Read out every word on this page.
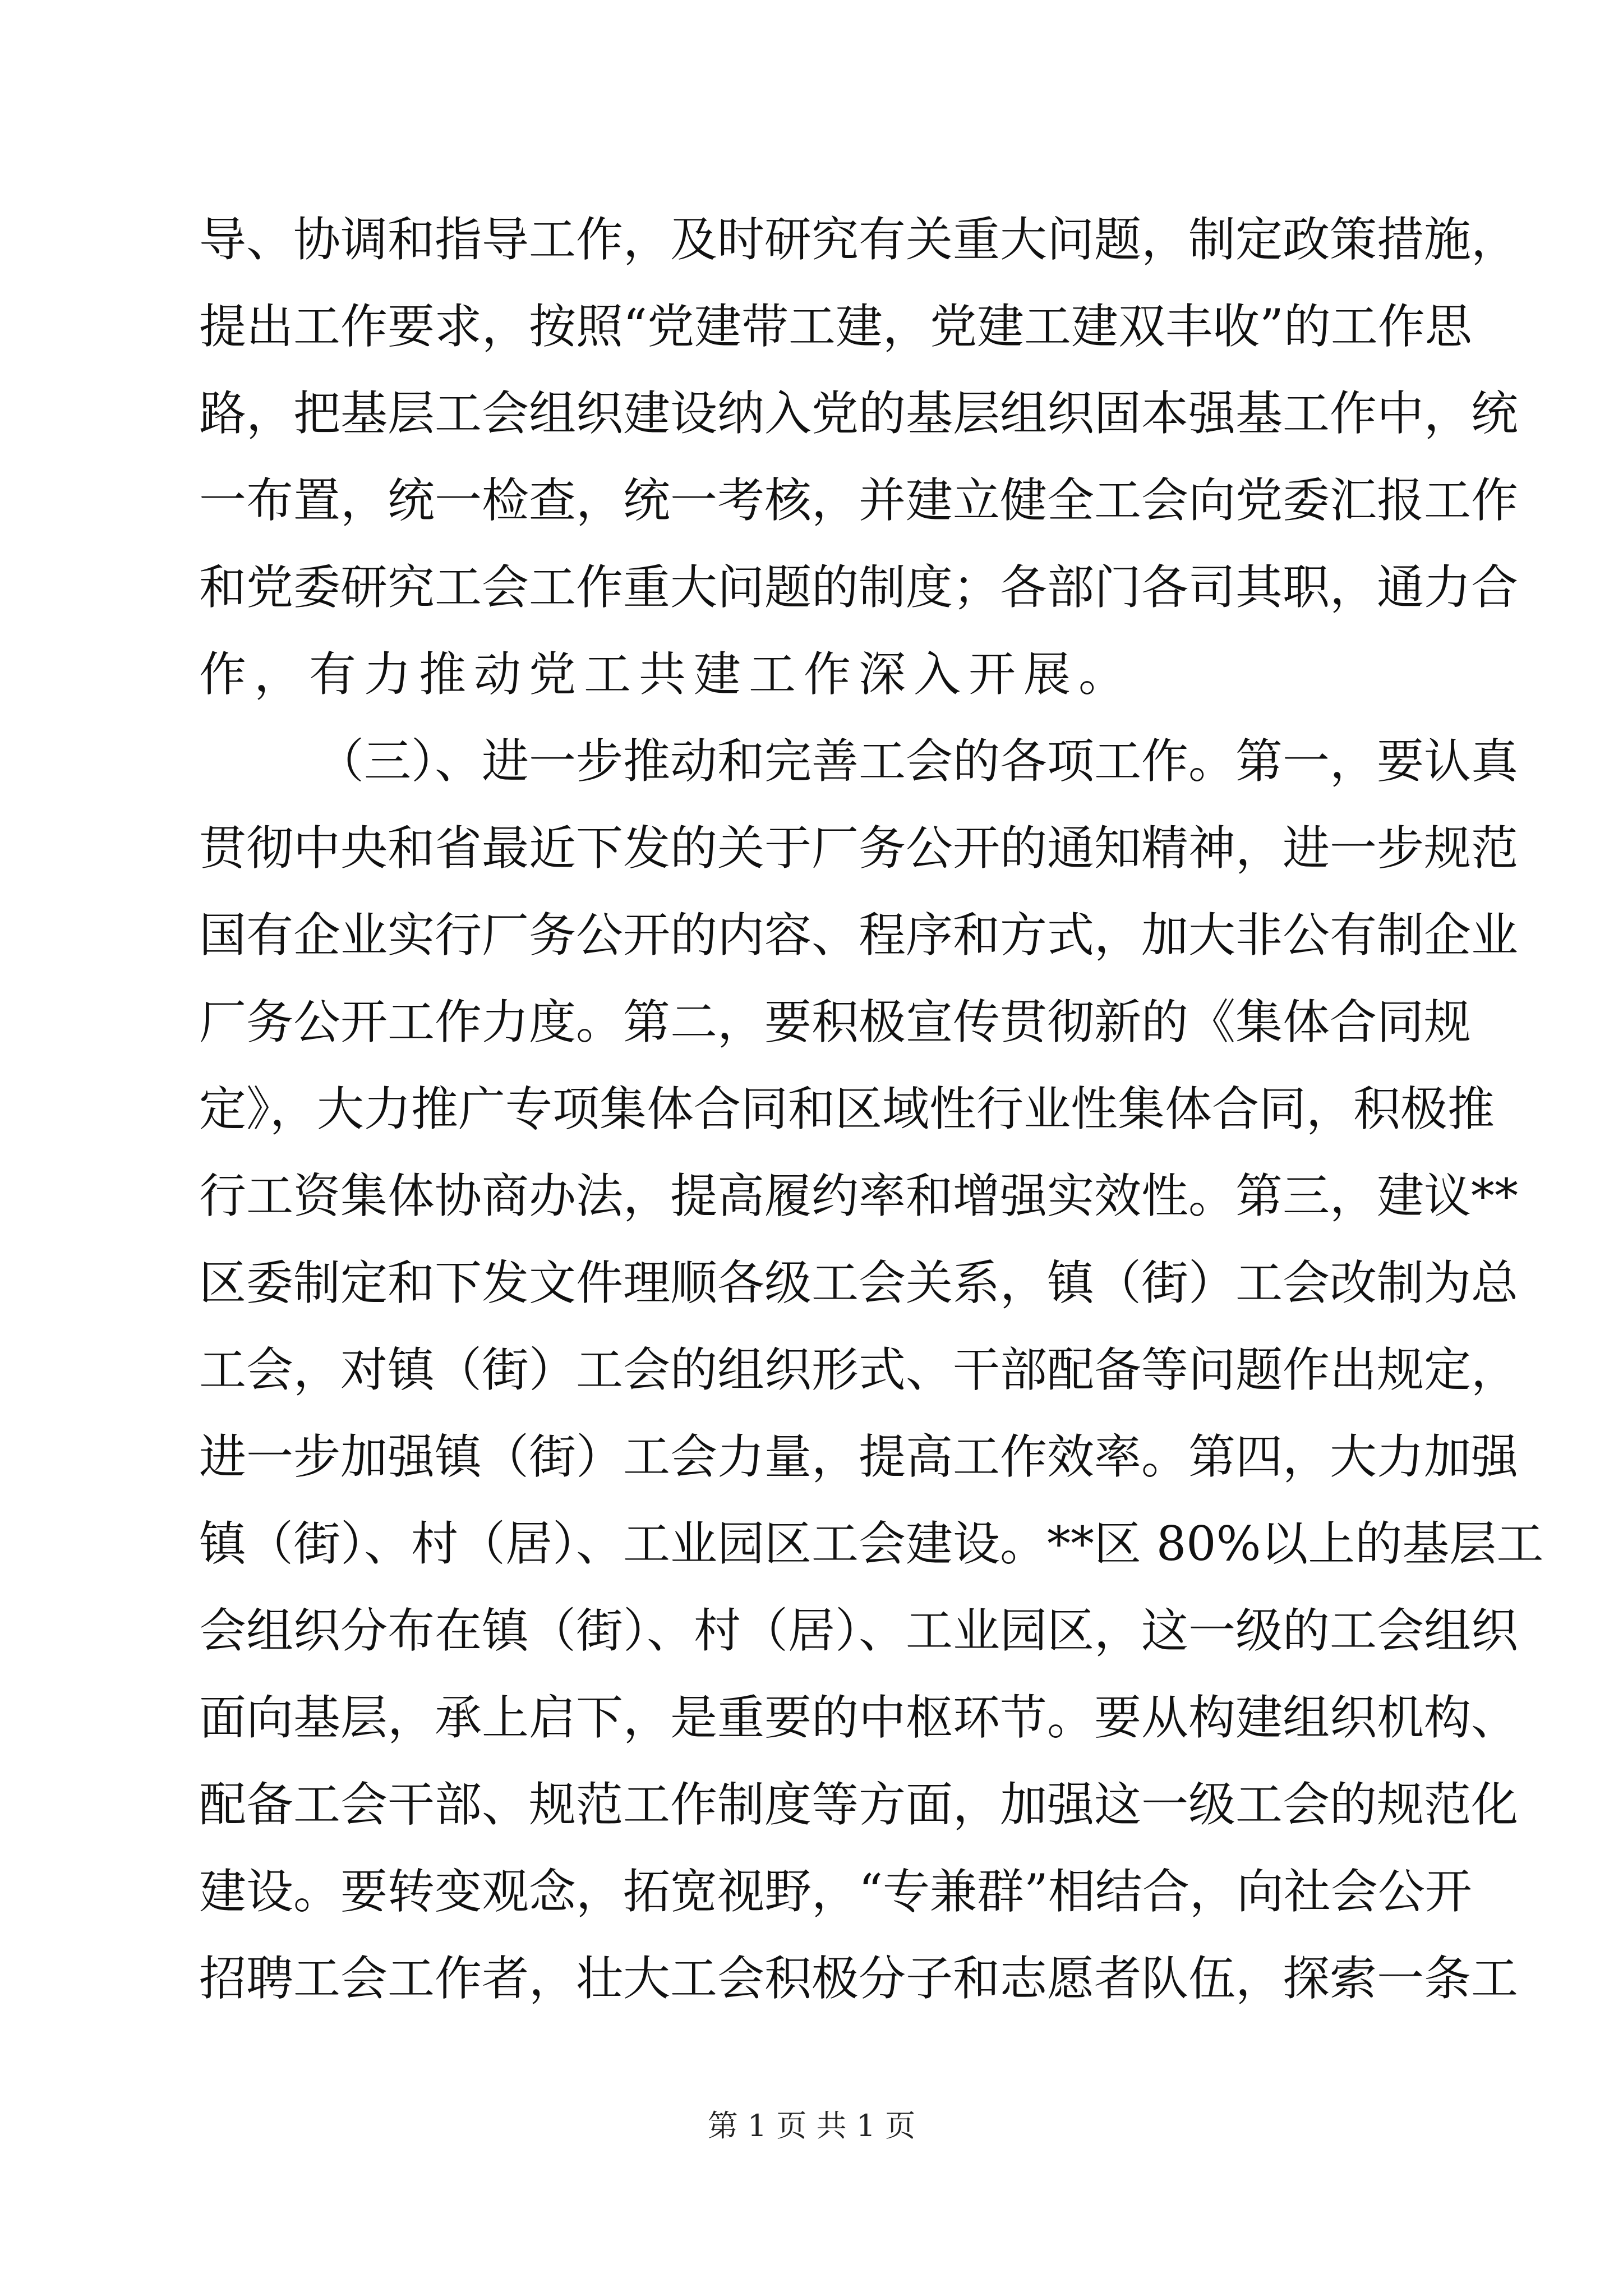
导、协调和指导工作，及时研究有关重大问题，制定政策措施，
提出工作要求，按照“党建带工建，党建工建双丰收”的工作思
路，把基层工会组织建设纳入党的基层组织固本强基工作中，统
一布置，统一检查，统一考核，并建立健全工会向党委汇报工作
和党委研究工会工作重大问题的制度；各部门各司其职，通力合
作，有力推动党工共建工作深入开展。
（三）、进一步推动和完善工会的各项工作。第一，要认真
贯彻中央和省最近下发的关于厂务公开的通知精神，进一步规范
国有企业实行厂务公开的内容、程序和方式，加大非公有制企业
厂务公开工作力度。第二，要积极宣传贯彻新的《集体合同规
定》，大力推广专项集体合同和区域性行业性集体合同，积极推
行工资集体协商办法，提高履约率和增强实效性。第三，建议**
区委制定和下发文件理顺各级工会关系，镇（街）工会改制为总
工会，对镇（街）工会的组织形式、干部配备等问题作出规定，
进一步加强镇（街）工会力量，提高工作效率。第四，大力加强
镇（街）、村（居）、工业园区工会建设。**区 80%以上的基层工
会组织分布在镇（街）、村（居）、工业园区，这一级的工会组织
面向基层，承上启下，是重要的中枢环节。要从构建组织机构、
配备工会干部、规范工作制度等方面，加强这一级工会的规范化
建设。要转变观念，拓宽视野，“专兼群”相结合，向社会公开
招聘工会工作者，壮大工会积极分子和志愿者队伍，探索一条工
第 1 页 共 1 页
